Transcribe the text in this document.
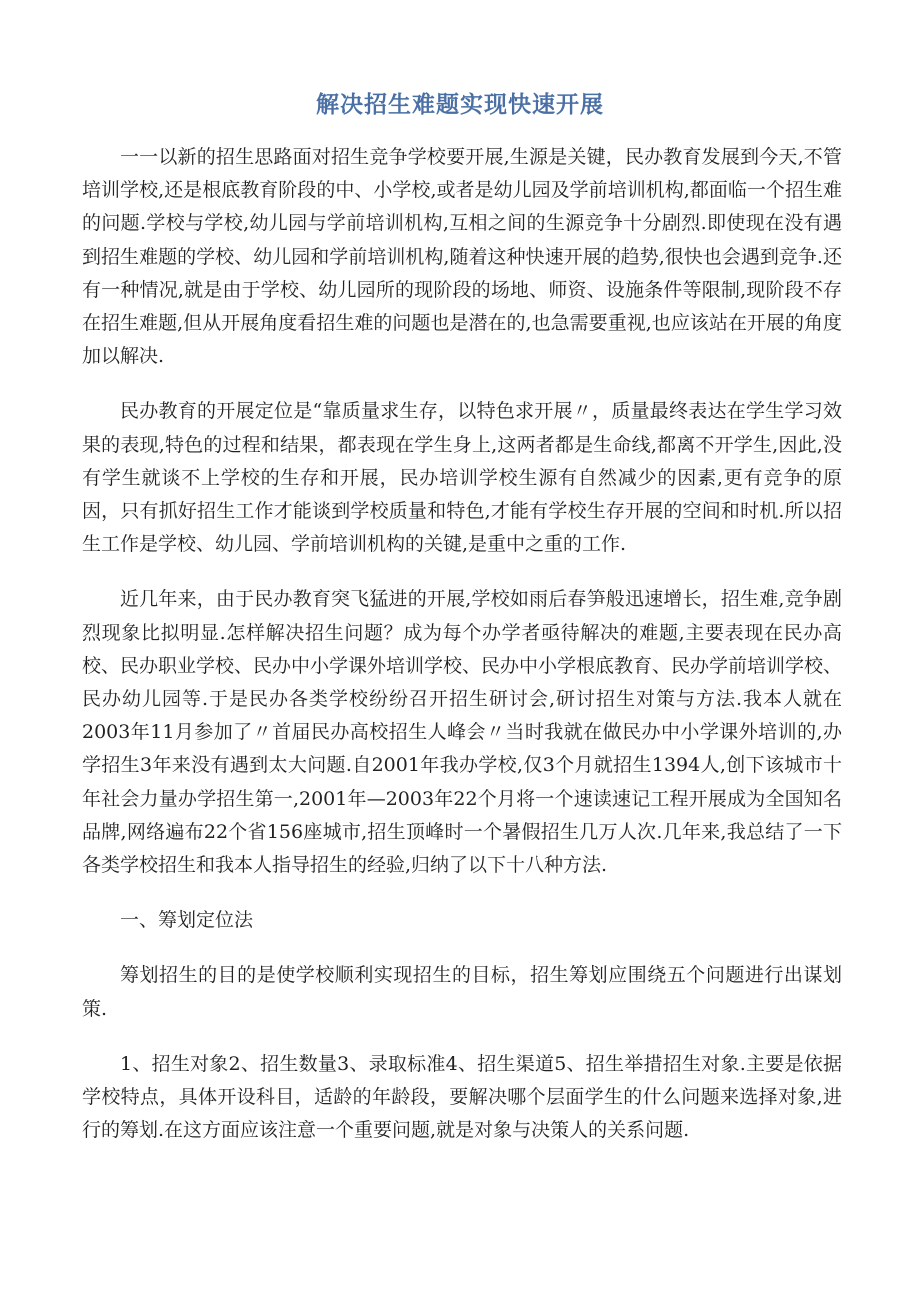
解决招生难题实现快速开展

一一以新的招生思路面对招生竞争学校要开展,生源是关键，民办教育发展到今天,不管培训学校,还是根底教育阶段的中、小学校,或者是幼儿园及学前培训机构,都面临一个招生难的问题.学校与学校,幼儿园与学前培训机构,互相之间的生源竞争十分剧烈.即使现在没有遇到招生难题的学校、幼儿园和学前培训机构,随着这种快速开展的趋势,很快也会遇到竞争.还有一种情况,就是由于学校、幼儿园所的现阶段的场地、师资、设施条件等限制,现阶段不存在招生难题,但从开展角度看招生难的问题也是潜在的,也急需要重视,也应该站在开展的角度加以解决.

民办教育的开展定位是“靠质量求生存，以特色求开展〃，质量最终表达在学生学习效果的表现,特色的过程和结果，都表现在学生身上,这两者都是生命线,都离不开学生,因此,没有学生就谈不上学校的生存和开展，民办培训学校生源有自然减少的因素,更有竞争的原因，只有抓好招生工作才能谈到学校质量和特色,才能有学校生存开展的空间和时机.所以招生工作是学校、幼儿园、学前培训机构的关键,是重中之重的工作.

近几年来，由于民办教育突飞猛进的开展,学校如雨后春笋般迅速增长，招生难,竞争剧烈现象比拟明显.怎样解决招生问题？成为每个办学者亟待解决的难题,主要表现在民办高校、民办职业学校、民办中小学课外培训学校、民办中小学根底教育、民办学前培训学校、民办幼儿园等.于是民办各类学校纷纷召开招生研讨会,研讨招生对策与方法.我本人就在2003年11月参加了〃首届民办高校招生人峰会〃当时我就在做民办中小学课外培训的,办学招生3年来没有遇到太大问题.自2001年我办学校,仅3个月就招生1394人,创下该城市十年社会力量办学招生第一,2001年—2003年22个月将一个速读速记工程开展成为全国知名品牌,网络遍布22个省156座城市,招生顶峰时一个暑假招生几万人次.几年来,我总结了一下各类学校招生和我本人指导招生的经验,归纳了以下十八种方法.

一、筹划定位法

筹划招生的目的是使学校顺利实现招生的目标，招生筹划应围绕五个问题进行出谋划策.

1、招生对象2、招生数量3、录取标准4、招生渠道5、招生举措招生对象.主要是依据学校特点，具体开设科目，适龄的年龄段，要解决哪个层面学生的什么问题来选择对象,进行的筹划.在这方面应该注意一个重要问题,就是对象与决策人的关系问题.
